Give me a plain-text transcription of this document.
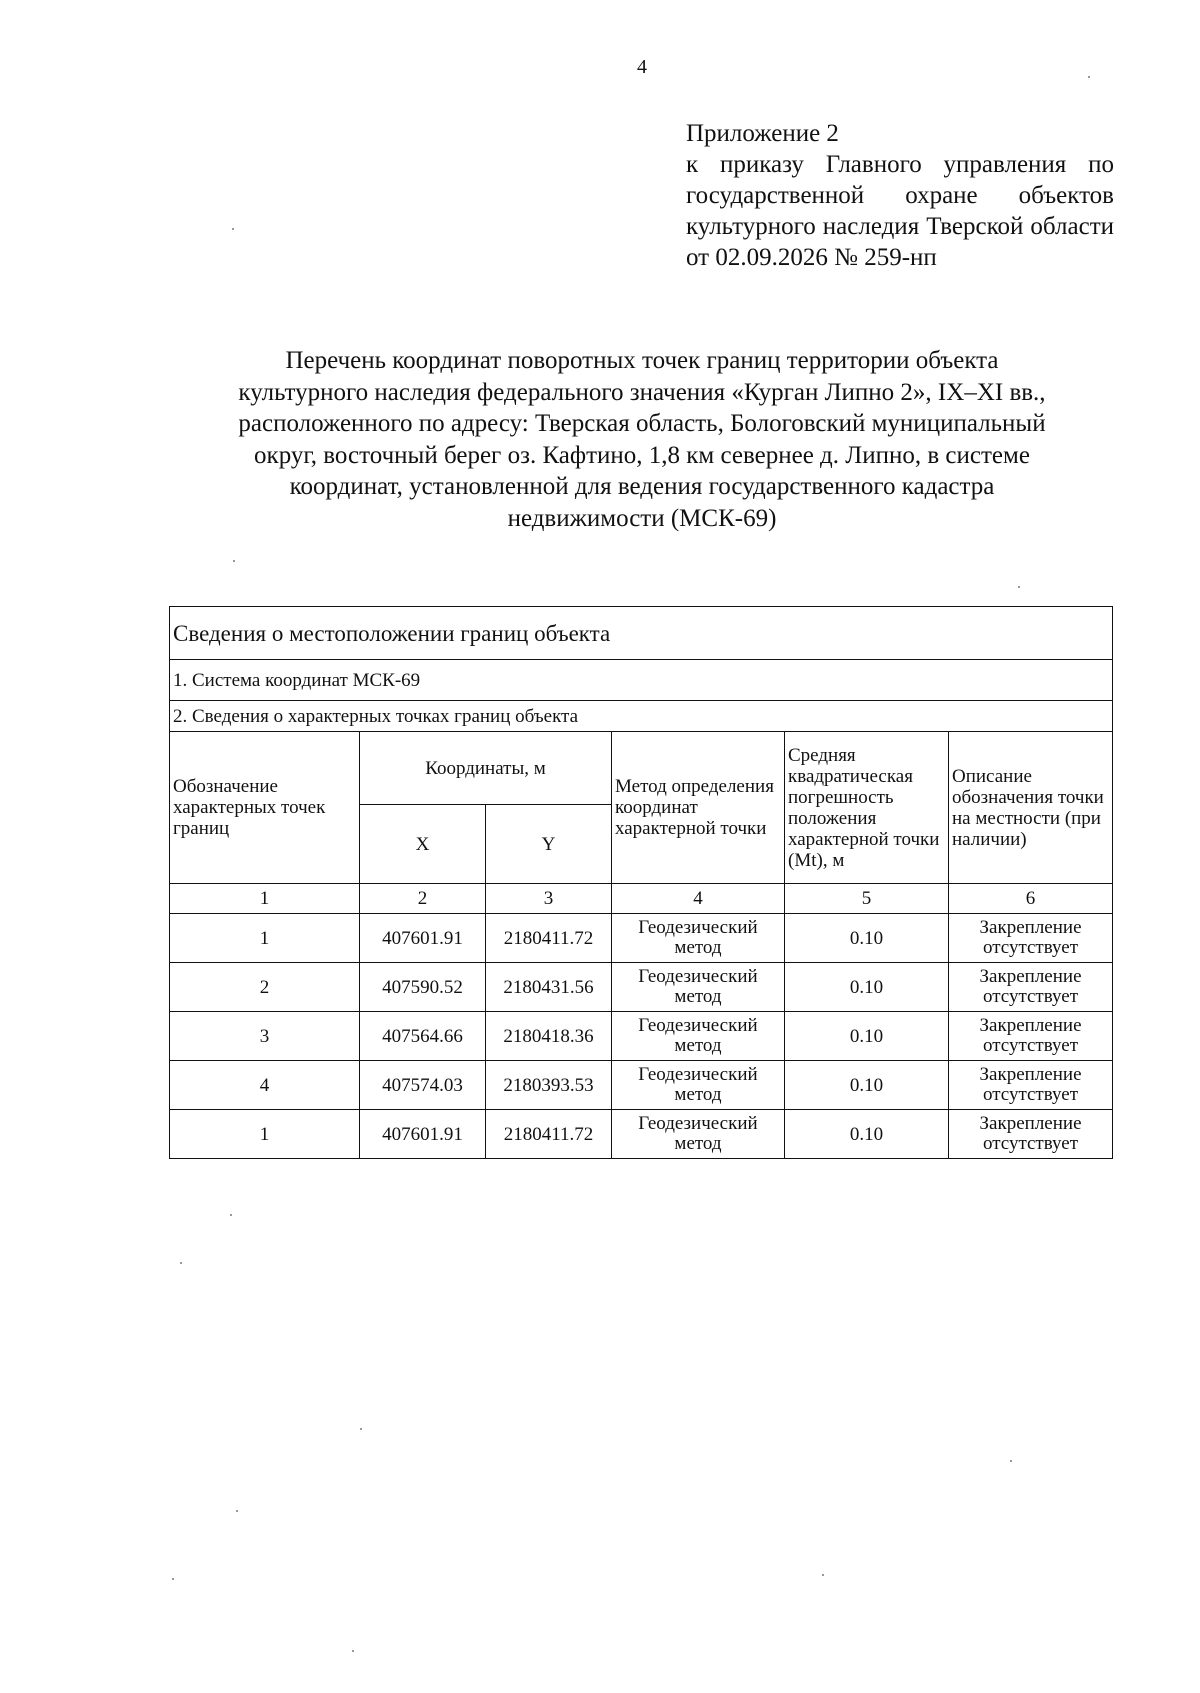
4
Приложение 2
к приказу Главного управления по государственной охране объектов культурного наследия Тверской области от 02.09.2026 № 259-нп
Перечень координат поворотных точек границ территории объекта
культурного наследия федерального значения «Курган Липно 2», IX–XI вв.,
расположенного по адресу: Тверская область, Бологовский муниципальный
округ, восточный берег оз. Кафтино, 1,8 км севернее д. Липно, в системе
координат, установленной для ведения государственного кадастра
недвижимости (МСК-69)
Сведения о местоположении границ объекта					
1. Система координат МСК-69					
2. Сведения о характерных точках границ объекта					
Обозначение характерных точек границ	Координаты, м		Метод определения координат характерной точки	Средняя квадратическая погрешность положения характерной точки (Mt), м	Описание обозначения точки на местности (при наличии)
	X	Y			
1	2	3	4	5	6
1	407601.91	2180411.72	Геодезический метод	0.10	Закрепление отсутствует
2	407590.52	2180431.56	Геодезический метод	0.10	Закрепление отсутствует
3	407564.66	2180418.36	Геодезический метод	0.10	Закрепление отсутствует
4	407574.03	2180393.53	Геодезический метод	0.10	Закрепление отсутствует
1	407601.91	2180411.72	Геодезический метод	0.10	Закрепление отсутствует
